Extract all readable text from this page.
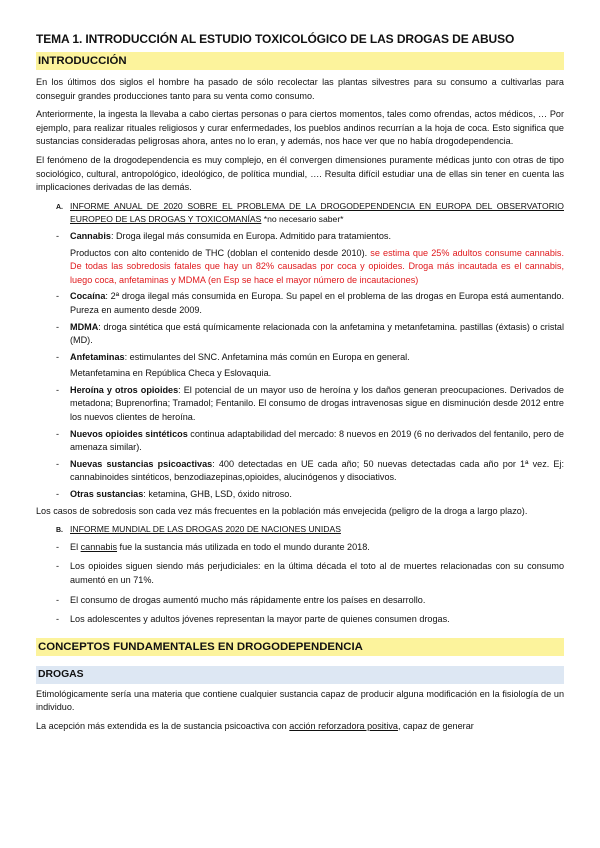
TEMA 1. INTRODUCCIÓN AL ESTUDIO TOXICOLÓGICO DE LAS DROGAS DE ABUSO
INTRODUCCIÓN

En los últimos dos siglos el hombre ha pasado de sólo recolectar las plantas silvestres para su consumo a cultivarlas para conseguir grandes producciones tanto para su venta como consumo.

Anteriormente, la ingesta la llevaba a cabo ciertas personas o para ciertos momentos, tales como ofrendas, actos médicos, … Por ejemplo, para realizar rituales religiosos y curar enfermedades, los pueblos andinos recurrían a la hoja de coca. Esto significa que sustancias consideradas peligrosas ahora, antes no lo eran, y además, nos hace ver que no había drogodependencia.

El fenómeno de la drogodependencia es muy complejo, en él convergen dimensiones puramente médicas junto con otras de tipo sociológico, cultural, antropológico, ideológico, de política mundial, …. Resulta difícil estudiar una de ellas sin tener en cuenta las implicaciones derivadas de las demás.

A. INFORME ANUAL DE 2020 SOBRE EL PROBLEMA DE LA DROGODEPENDENCIA EN EUROPA DEL OBSERVATORIO EUROPEO DE LAS DROGAS Y TOXICOMANÍAS *no necesario saber*
-	Cannabis: Droga ilegal más consumida en Europa. Admitido para tratamientos.
Productos con alto contenido de THC (doblan el contenido desde 2010). se estima que 25% adultos consume cannabis. De todas las sobredosis fatales que hay un 82% causadas por coca y opioides. Droga más incautada es el cannabis, luego coca, anfetaminas y MDMA (en Esp se hace el mayor número de incautaciones)
-	Cocaína: 2ª droga ilegal más consumida en Europa. Su papel en el problema de las drogas en Europa está aumentando. Pureza en aumento desde 2009.
-	MDMA: droga sintética que está químicamente relacionada con la anfetamina y metanfetamina. pastillas (éxtasis) o cristal (MD).
-	Anfetaminas: estimulantes del SNC. Anfetamina más común en Europa en general.
Metanfetamina en República Checa y Eslovaquia.
-	Heroína y otros opioides: El potencial de un mayor uso de heroína y los daños generan preocupaciones. Derivados de metadona; Buprenorfina; Tramadol; Fentanilo. El consumo de drogas intravenosas sigue en disminución desde 2012 entre los nuevos clientes de heroína.
-	Nuevos opioides sintéticos continua adaptabilidad del mercado: 8 nuevos en 2019 (6 no derivados del fentanilo, pero de amenaza similar).
-	Nuevas sustancias psicoactivas: 400 detectadas en UE cada año; 50 nuevas detectadas cada año por 1ª vez. Ej: cannabinoides sintéticos, benzodiazepinas,opioides, alucinógenos y disociativos.
-	Otras sustancias: ketamina, GHB, LSD, óxido nitroso.

Los casos de sobredosis son cada vez más frecuentes en la población más envejecida (peligro de la droga a largo plazo).

B. INFORME MUNDIAL DE LAS DROGAS 2020 DE NACIONES UNIDAS
-	El cannabis fue la sustancia más utilizada en todo el mundo durante 2018.
-	Los opioides siguen siendo más perjudiciales: en la última década el toto al de muertes relacionadas con su consumo aumentó en un 71%.
-	El consumo de drogas aumentó mucho más rápidamente entre los países en desarrollo.
-	Los adolescentes y adultos jóvenes representan la mayor parte de quienes consumen drogas.
CONCEPTOS FUNDAMENTALES EN DROGODEPENDENCIA
DROGAS

Etimológicamente sería una materia que contiene cualquier sustancia capaz de producir alguna modificación en la fisiología de un individuo.

La acepción más extendida es la de sustancia psicoactiva con acción reforzadora positiva, capaz de generar
